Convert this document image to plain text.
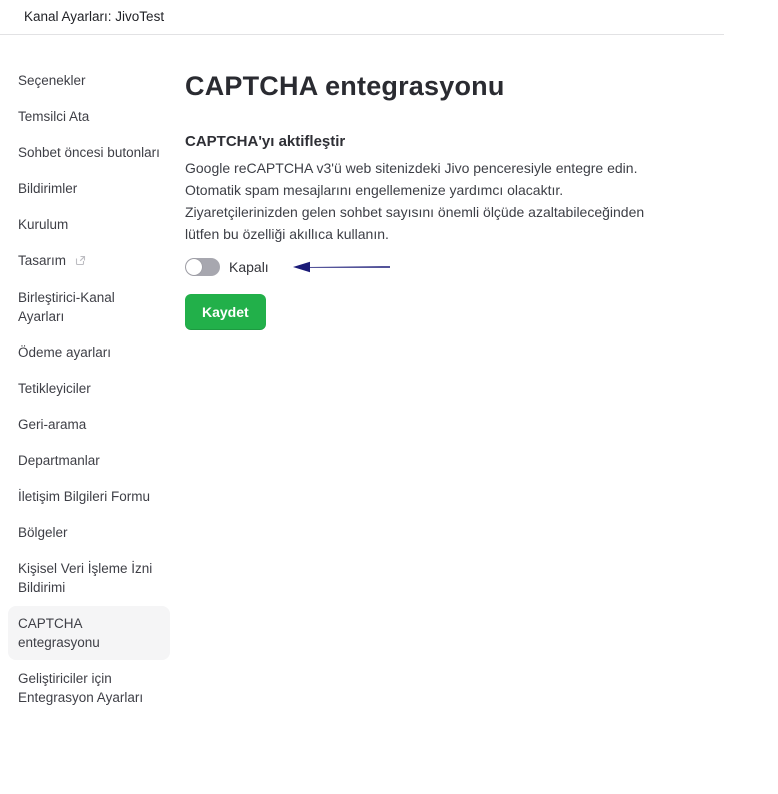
Kanal Ayarları: JivoTest
Seçenekler
Temsilci Ata
Sohbet öncesi butonları
Bildirimler
Kurulum
Tasarım
Birleştirici-Kanal Ayarları
Ödeme ayarları
Tetikleyiciler
Geri-arama
Departmanlar
İletişim Bilgileri Formu
Bölgeler
Kişisel Veri İşleme İzni Bildirimi
CAPTCHA entegrasyonu
Geliştiriciler için Entegrasyon Ayarları
CAPTCHA entegrasyonu
CAPTCHA'yı aktifleştir

Google reCAPTCHA v3'ü web sitenizdeki Jivo penceresiyle entegre edin. Otomatik spam mesajlarını engellemenize yardımcı olacaktır. Ziyaretçilerinizden gelen sohbet sayısını önemli ölçüde azaltabileceğinden lütfen bu özelliği akıllıca kullanın.

Kapalı
Kaydet
